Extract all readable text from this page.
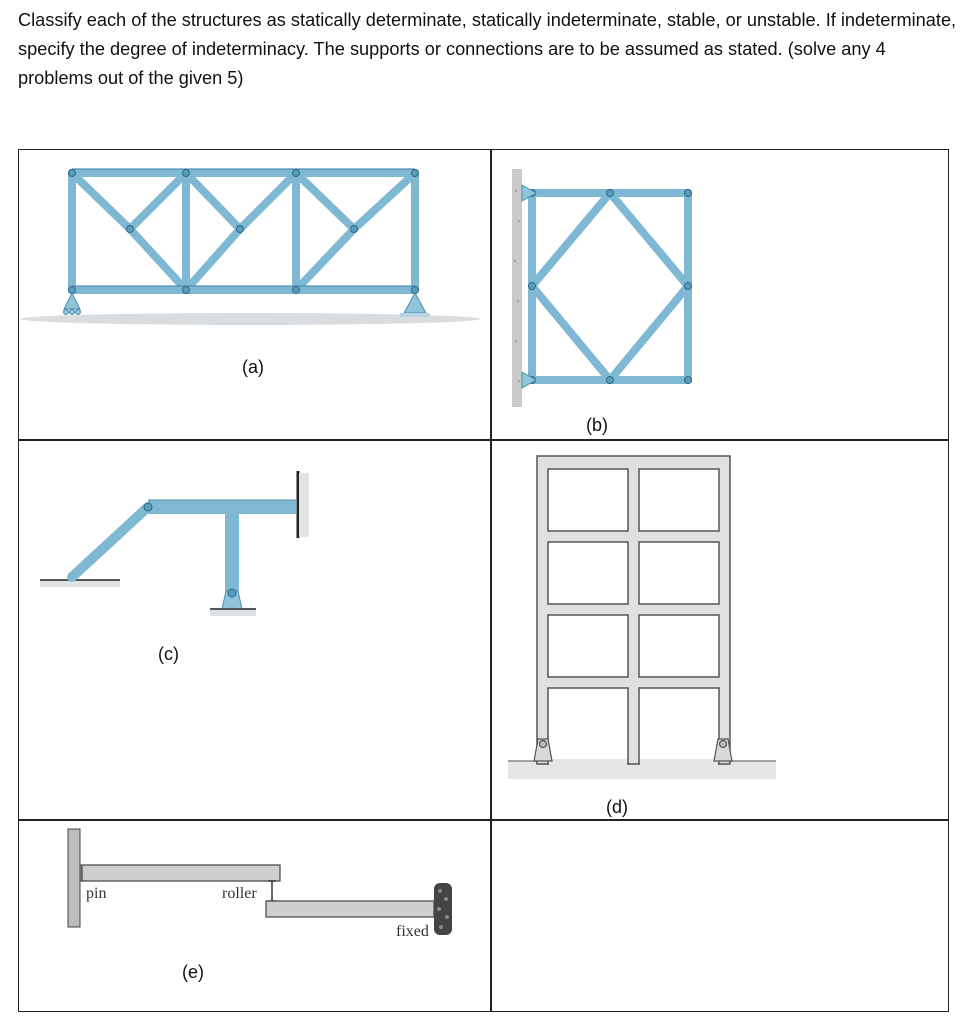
Classify each of the structures as statically determinate, statically indeterminate, stable, or unstable. If indeterminate, specify the degree of indeterminacy. The supports or connections are to be assumed as stated. (solve any 4 problems out of the given 5)
(a)
(b)
(c)
(d)
pin	roller
fixed
(e)
